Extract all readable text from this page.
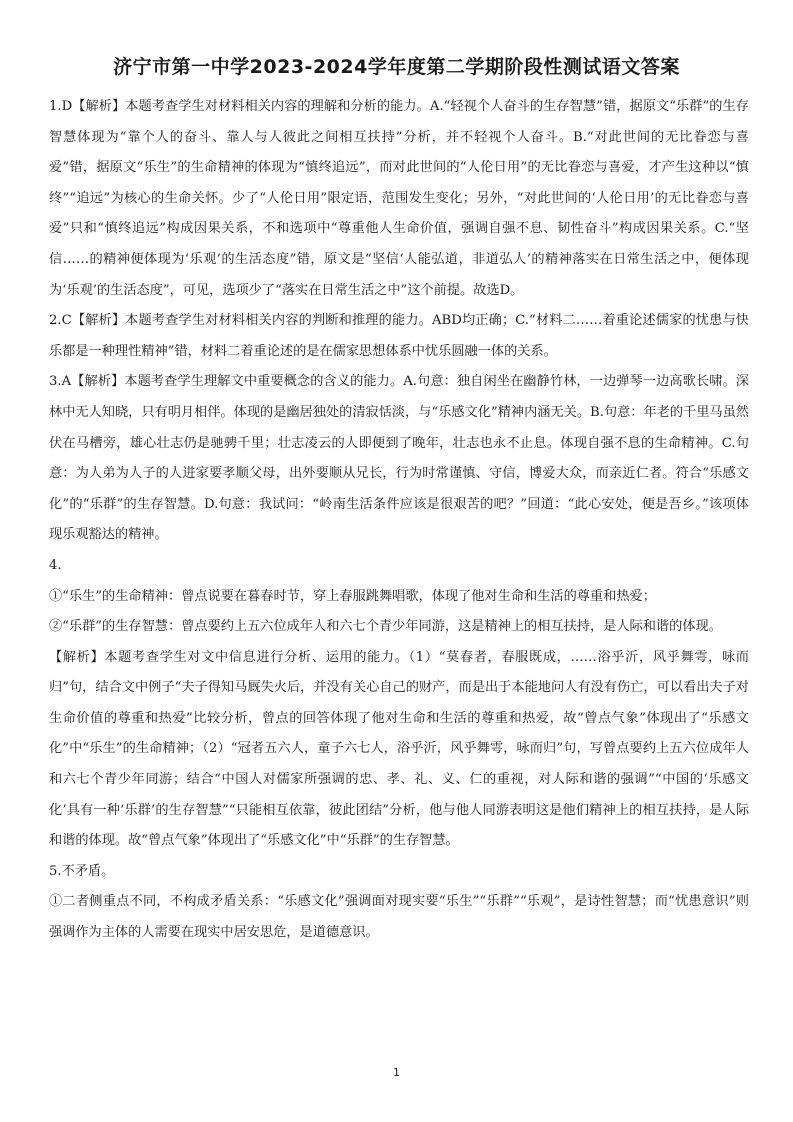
济宁市第一中学2023-2024学年度第二学期阶段性测试语文答案

1.D【解析】本题考查学生对材料相关内容的理解和分析的能力。A.“轻视个人奋斗的生存智慧”错，据原文“乐群”的生存智慧体现为“靠个人的奋斗、靠人与人彼此之间相互扶持”分析，并不轻视个人奋斗。B.“对此世间的无比眷恋与喜爱”错，据原文“乐生”的生命精神的体现为“慎终追远”，而对此世间的“人伦日用”的无比眷恋与喜爱，才产生这种以“慎终”“追远”为核心的生命关怀。少了“人伦日用”限定语，范围发生变化；另外，“对此世间的‘人伦日用’的无比眷恋与喜爱”只和“慎终追远”构成因果关系，不和选项中“尊重他人生命价值，强调自强不息、韧性奋斗”构成因果关系。C.“坚信……的精神便体现为‘乐观’的生活态度”错，原文是“坚信‘人能弘道，非道弘人’的精神落实在日常生活之中，便体现为‘乐观’的生活态度”，可见，选项少了“落实在日常生活之中”这个前提。故选D。

2.C【解析】本题考查学生对材料相关内容的判断和推理的能力。ABD均正确；C.“材料二……着重论述儒家的忧患与快乐都是一种理性精神”错，材料二着重论述的是在儒家思想体系中忧乐圆融一体的关系。

3.A【解析】本题考查学生理解文中重要概念的含义的能力。A.句意：独自闲坐在幽静竹林，一边弹琴一边高歌长啸。深林中无人知晓，只有明月相伴。体现的是幽居独处的清寂恬淡，与“乐感文化”精神内涵无关。B.句意：年老的千里马虽然伏在马槽旁，雄心壮志仍是驰骋千里；壮志凌云的人即便到了晚年，壮志也永不止息。体现自强不息的生命精神。C.句意：为人弟为人子的人进家要孝顺父母，出外要顺从兄长，行为时常谨慎、守信，博爱大众，而亲近仁者。符合“乐感文化”的“乐群”的生存智慧。D.句意：我试问：“岭南生活条件应该是很艰苦的吧？”回道：“此心安处，便是吾乡。”该项体现乐观豁达的精神。

4.

①“乐生”的生命精神：曾点说要在暮春时节，穿上春服跳舞唱歌，体现了他对生命和生活的尊重和热爱；

②“乐群”的生存智慧：曾点要约上五六位成年人和六七个青少年同游，这是精神上的相互扶持，是人际和谐的体现。

【解析】本题考查学生对文中信息进行分析、运用的能力。（1）“莫春者，春服既成，……浴乎沂，风乎舞雩，咏而归”句，结合文中例子“夫子得知马厩失火后，并没有关心自己的财产，而是出于本能地问人有没有伤亡，可以看出夫子对生命价值的尊重和热爱”比较分析，曾点的回答体现了他对生命和生活的尊重和热爱，故“曾点气象”体现出了“乐感文化”中“乐生”的生命精神；（2）“冠者五六人，童子六七人，浴乎沂，风乎舞雩，咏而归”句，写曾点要约上五六位成年人和六七个青少年同游；结合“中国人对儒家所强调的忠、孝、礼、义、仁的重视，对人际和谐的强调”“中国的‘乐感文化’具有一种‘乐群’的生存智慧”“只能相互依靠，彼此团结”分析，他与他人同游表明这是他们精神上的相互扶持，是人际和谐的体现。故“曾点气象”体现出了“乐感文化”中“乐群”的生存智慧。

5.不矛盾。

①二者侧重点不同，不构成矛盾关系：“乐感文化”强调面对现实要“乐生”“乐群”“乐观”，是诗性智慧；而“忧患意识”则强调作为主体的人需要在现实中居安思危，是道德意识。

1
